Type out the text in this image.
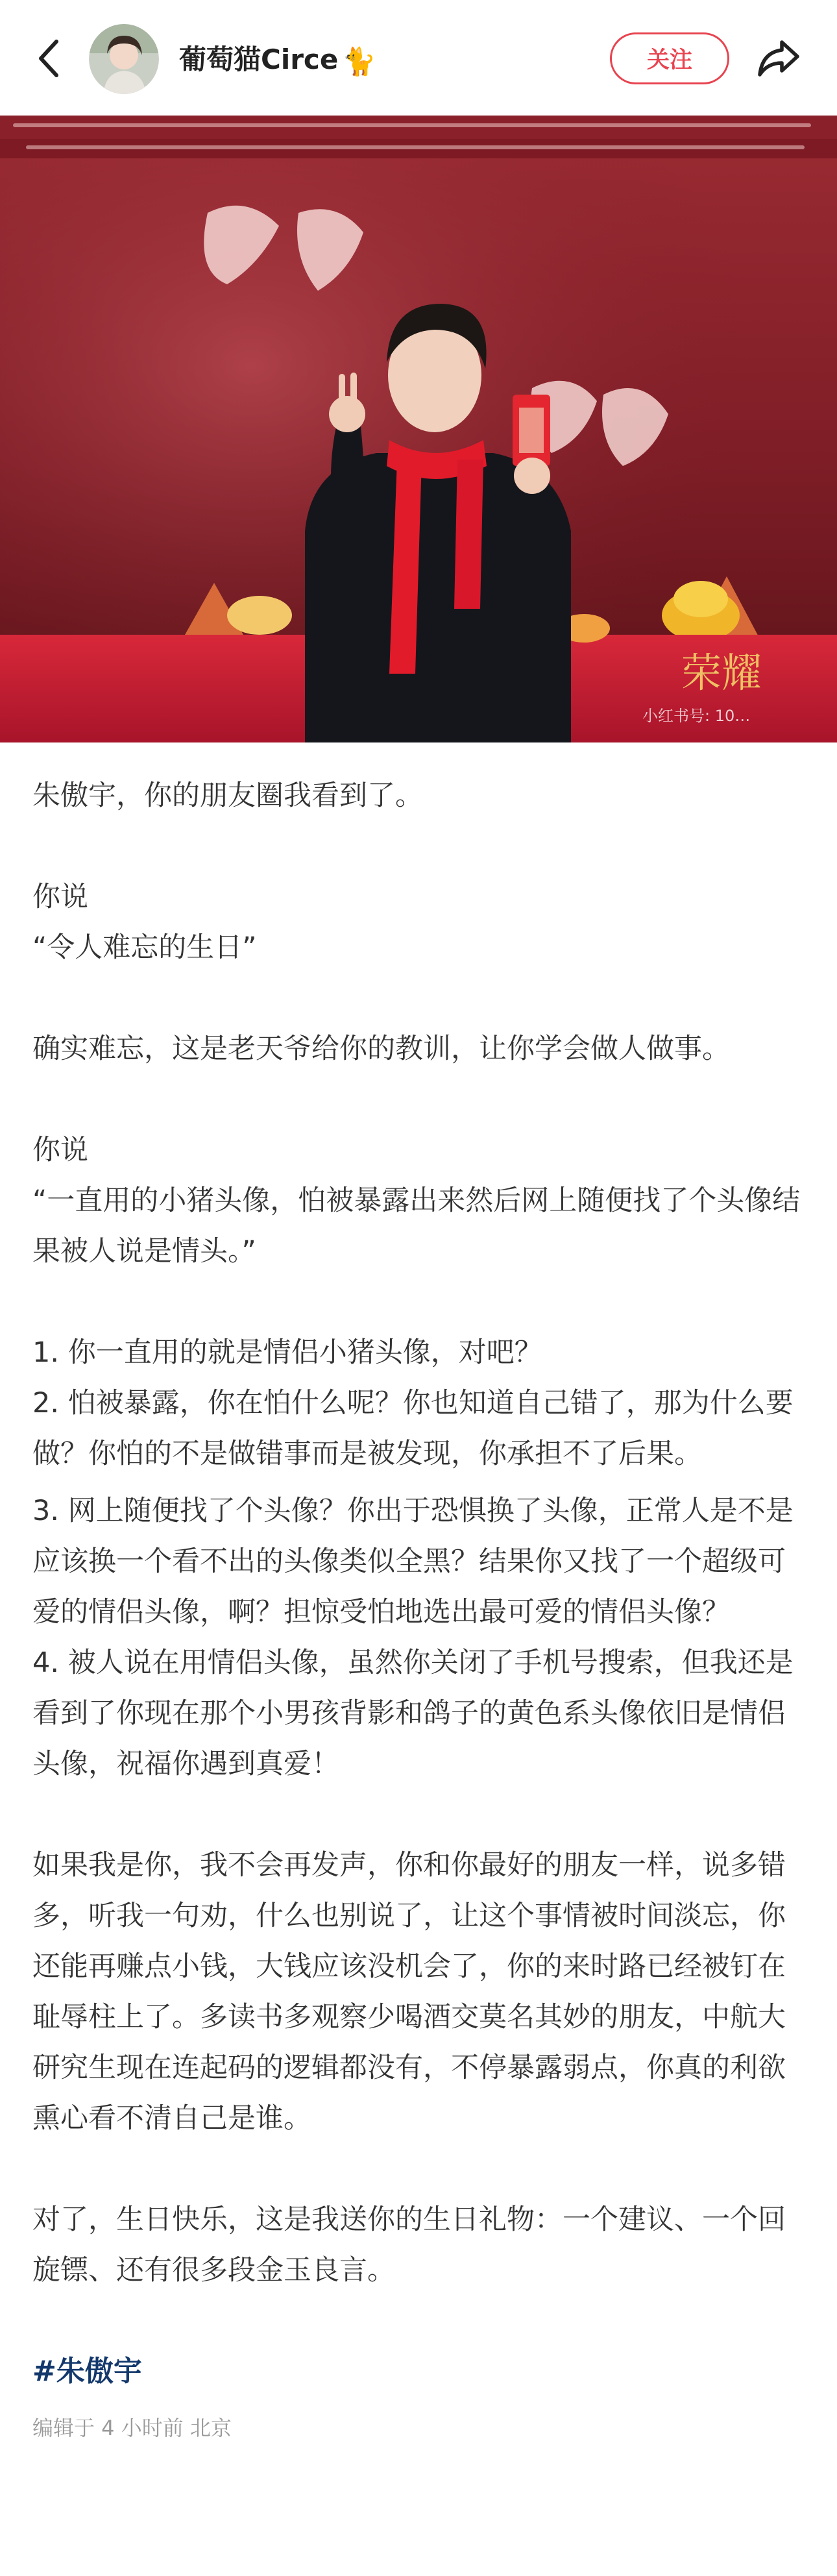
葡萄猫Circe 🐈	关注
荣耀
小红书号: 10…

朱傲宇，你的朋友圈我看到了。

你说

“令人难忘的生日”

确实难忘，这是老天爷给你的教训，让你学会做人做事。

你说

“一直用的小猪头像，怕被暴露出来然后网上随便找了个头像结果被人说是情头。”

1. 你一直用的就是情侣小猪头像，对吧？

2. 怕被暴露，你在怕什么呢？你也知道自己错了，那为什么要做？你怕的不是做错事而是被发现，你承担不了后果。

3. 网上随便找了个头像？你出于恐惧换了头像，正常人是不是应该换一个看不出的头像类似全黑？结果你又找了一个超级可爱的情侣头像，啊？担惊受怕地选出最可爱的情侣头像？

4. 被人说在用情侣头像，虽然你关闭了手机号搜索，但我还是看到了你现在那个小男孩背影和鸽子的黄色系头像依旧是情侣头像，祝福你遇到真爱！

如果我是你，我不会再发声，你和你最好的朋友一样，说多错多，听我一句劝，什么也别说了，让这个事情被时间淡忘，你还能再赚点小钱，大钱应该没机会了，你的来时路已经被钉在耻辱柱上了。多读书多观察少喝酒交莫名其妙的朋友，中航大研究生现在连起码的逻辑都没有，不停暴露弱点，你真的利欲熏心看不清自己是谁。

对了，生日快乐，这是我送你的生日礼物：一个建议、一个回旋镖、还有很多段金玉良言。

#朱傲宇

编辑于 4 小时前 北京
